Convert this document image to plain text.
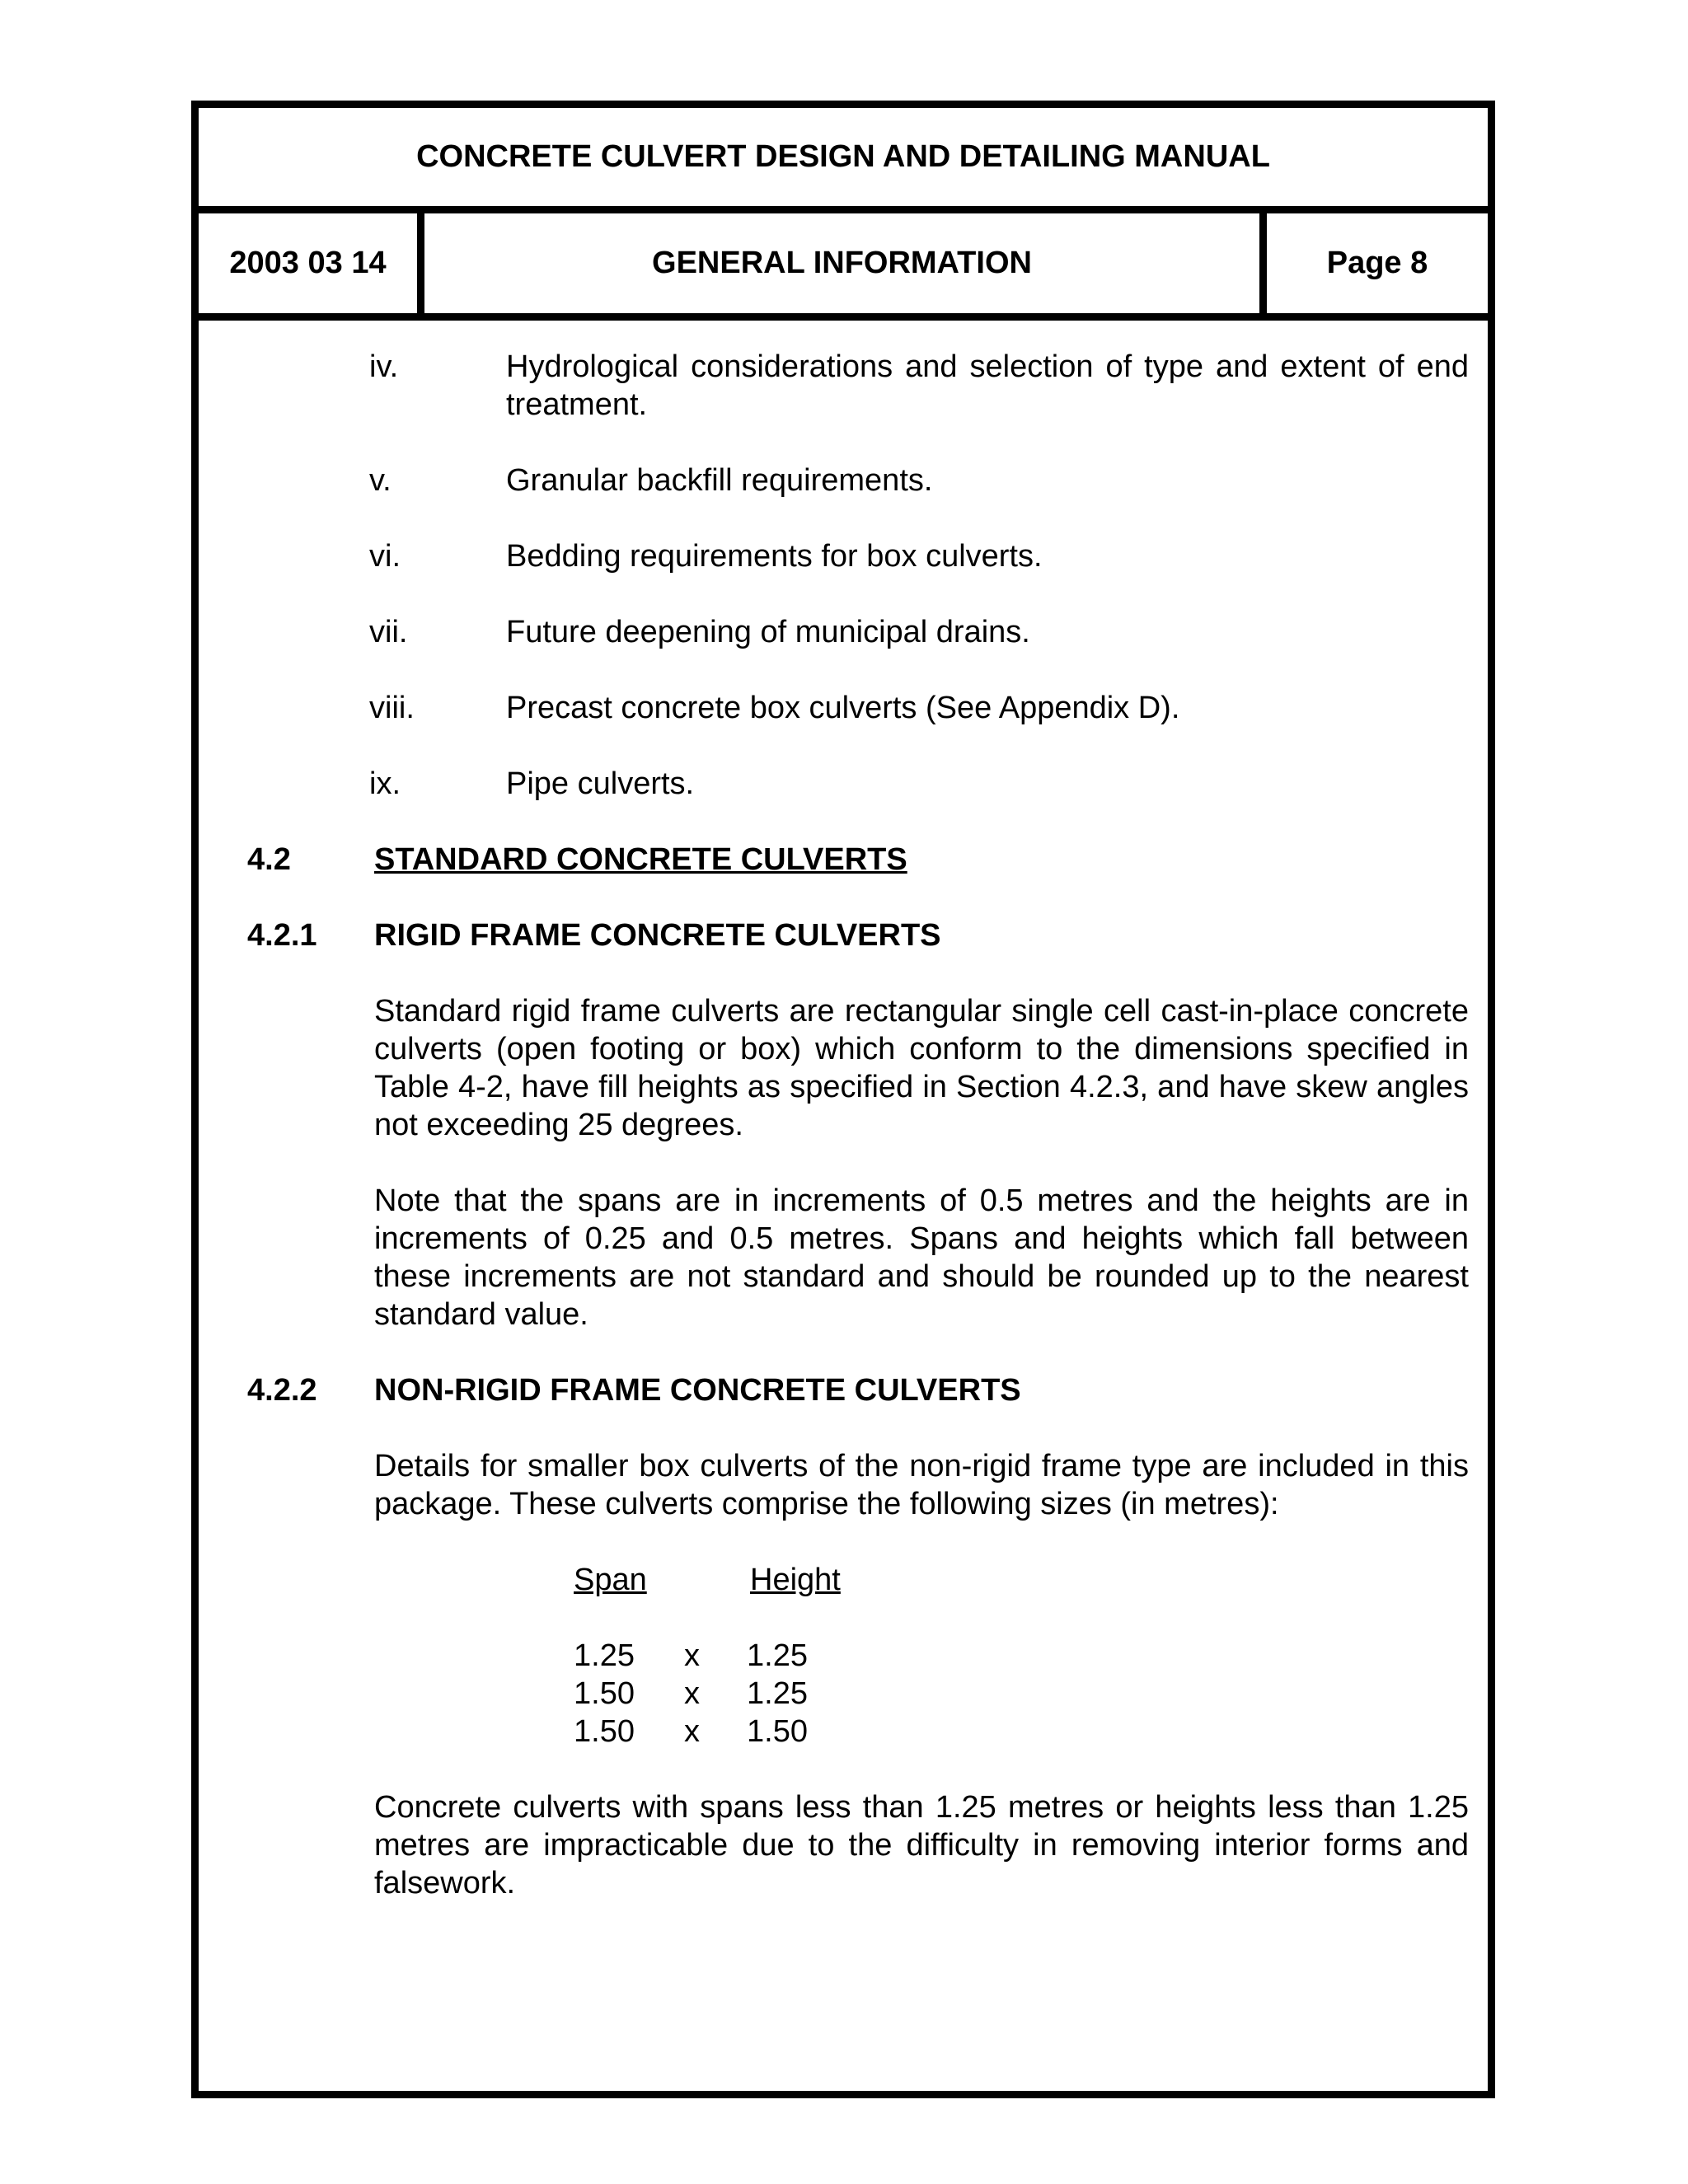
CONCRETE CULVERT DESIGN AND DETAILING MANUAL
2003 03 14	GENERAL INFORMATION	Page 8
iv.	Hydrological considerations and selection of type and extent of end treatment.
v.	Granular backfill requirements.
vi.	Bedding requirements for box culverts.
vii.	Future deepening of municipal drains.
viii.	Precast concrete box culverts (See Appendix D).
ix.	Pipe culverts.
4.2	STANDARD CONCRETE CULVERTS
4.2.1 RIGID FRAME CONCRETE CULVERTS

Standard rigid frame culverts are rectangular single cell cast-in-place concrete culverts (open footing or box) which conform to the dimensions specified in Table 4-2, have fill heights as specified in Section 4.2.3, and have skew angles not exceeding 25 degrees.

Note that the spans are in increments of 0.5 metres and the heights are in increments of 0.25 and 0.5 metres. Spans and heights which fall between these increments are not standard and should be rounded up to the nearest standard value.

4.2.2 NON-RIGID FRAME CONCRETE CULVERTS

Details for smaller box culverts of the non-rigid frame type are included in this package. These culverts comprise the following sizes (in metres):

Span	Height
1.25 x 1.25
1.50 x 1.25
1.50 x 1.50

Concrete culverts with spans less than 1.25 metres or heights less than 1.25 metres are impracticable due to the difficulty in removing interior forms and falsework.
